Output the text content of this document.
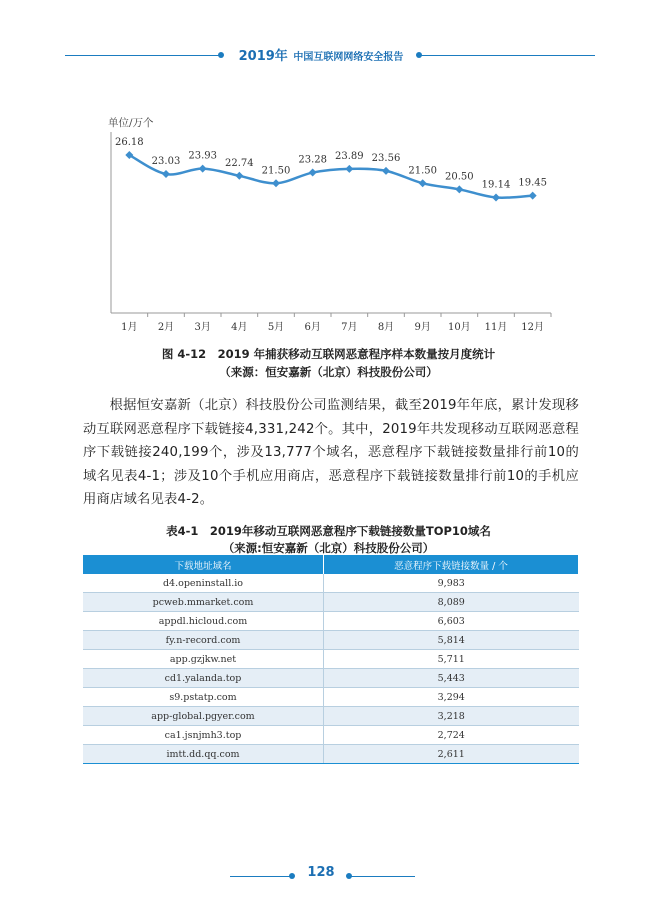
2019年 中国互联网网络安全报告
单位/万个
1月 2月 3月 4月 5月 6月 7月 8月 9月 10月 11月 12月
26.18
23.03 23.93
22.74
21.50
23.28 23.89 23.56
21.50
20.50
19.14 19.45
图 4-12　2019 年捕获移动互联网恶意程序样本数量按月度统计
（来源：恒安嘉新（北京）科技股份公司）
根据恒安嘉新（北京）科技股份公司监测结果，截至2019年年底，累计发现移动互联网恶意程序下载链接4,331,242个。其中，2019年共发现移动互联网恶意程序下载链接240,199个，涉及13,777个域名，恶意程序下载链接数量排行前10的域名见表4-1；涉及10个手机应用商店，恶意程序下载链接数量排行前10的手机应用商店域名见表4-2。
表4-1　2019年移动互联网恶意程序下载链接数量TOP10域名
（来源:恒安嘉新（北京）科技股份公司）
下载地址域名	恶意程序下载链接数量 / 个
d4.openinstall.io	9,983
pcweb.mmarket.com	8,089
appdl.hicloud.com	6,603
fy.n-record.com	5,814
app.gzjkw.net	5,711
cd1.yalanda.top	5,443
s9.pstatp.com	3,294
app-global.pgyer.com	3,218
ca1.jsnjmh3.top	2,724
imtt.dd.qq.com	2,611
128
